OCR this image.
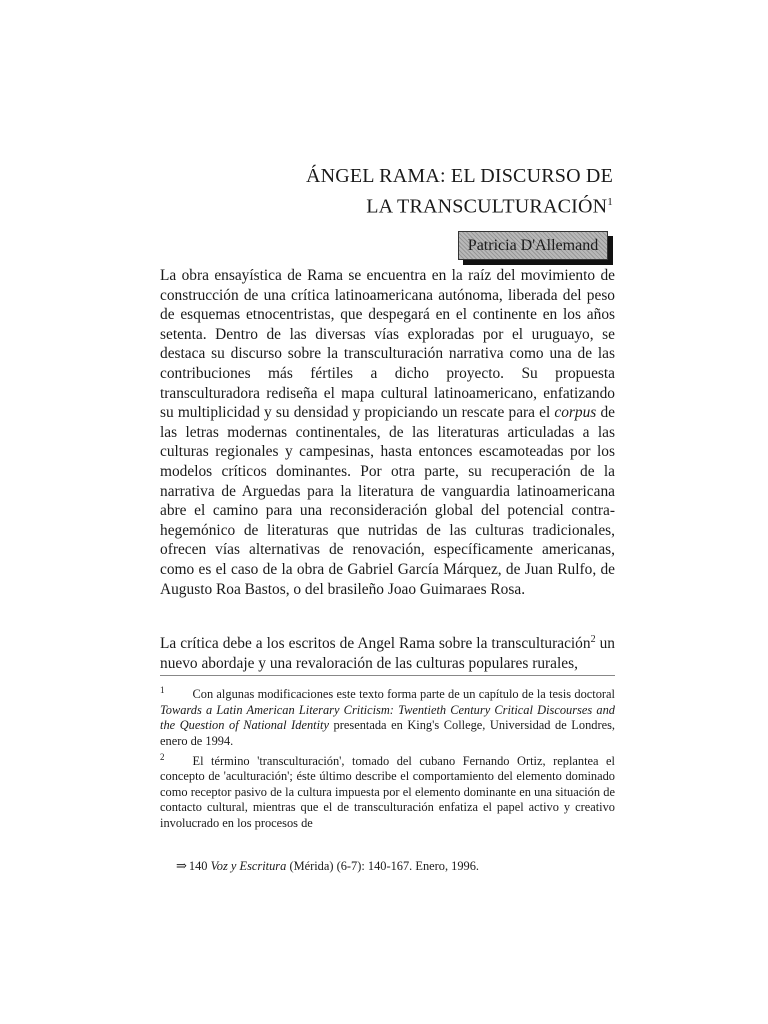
ÁNGEL RAMA: EL DISCURSO DE
LA TRANSCULTURACIÓN$^1$
Patricia D'Allemand
La obra ensayística de Rama se encuentra en la raíz del movimiento de construcción de una crítica latinoamericana autónoma, liberada del peso de esquemas etnocentristas, que despegará en el continente en los años setenta. Dentro de las diversas vías exploradas por el uruguayo, se destaca su discurso sobre la transculturación narrativa como una de las contribuciones más fértiles a dicho proyecto. Su propuesta transculturadora rediseña el mapa cultural latinoamericano, enfatizando su multiplicidad y su densidad y propiciando un rescate para el corpus de las letras modernas continentales, de las literaturas articuladas a las culturas regionales y campesinas, hasta entonces escamoteadas por los modelos críticos dominantes. Por otra parte, su recuperación de la narrativa de Arguedas para la literatura de vanguardia latinoamericana abre el camino para una reconsideración global del potencial contra-hegemónico de literaturas que nutridas de las culturas tradicionales, ofrecen vías alternativas de renovación, específicamente americanas, como es el caso de la obra de Gabriel García Márquez, de Juan Rulfo, de Augusto Roa Bastos, o del brasileño Joao Guimaraes Rosa.
La crítica debe a los escritos de Angel Rama sobre la transculturación$^2$ un nuevo abordaje y una revaloración de las culturas populares rurales,

$^1$ Con algunas modificaciones este texto forma parte de un capítulo de la tesis doctoral Towards a Latin American Literary Criticism: Twentieth Century Critical Discourses and the Question of National Identity presentada en King's College, Universidad de Londres, enero de 1994.

$^2$ El término 'transculturación', tomado del cubano Fernando Ortiz, replantea el concepto de 'aculturación'; éste último describe el comportamiento del elemento dominado como receptor pasivo de la cultura impuesta por el elemento dominante en una situación de contacto cultural, mientras que el de transculturación enfatiza el papel activo y creativo involucrado en los procesos de

⇒ 140 Voz y Escritura (Mérida) (6-7): 140-167. Enero, 1996.
